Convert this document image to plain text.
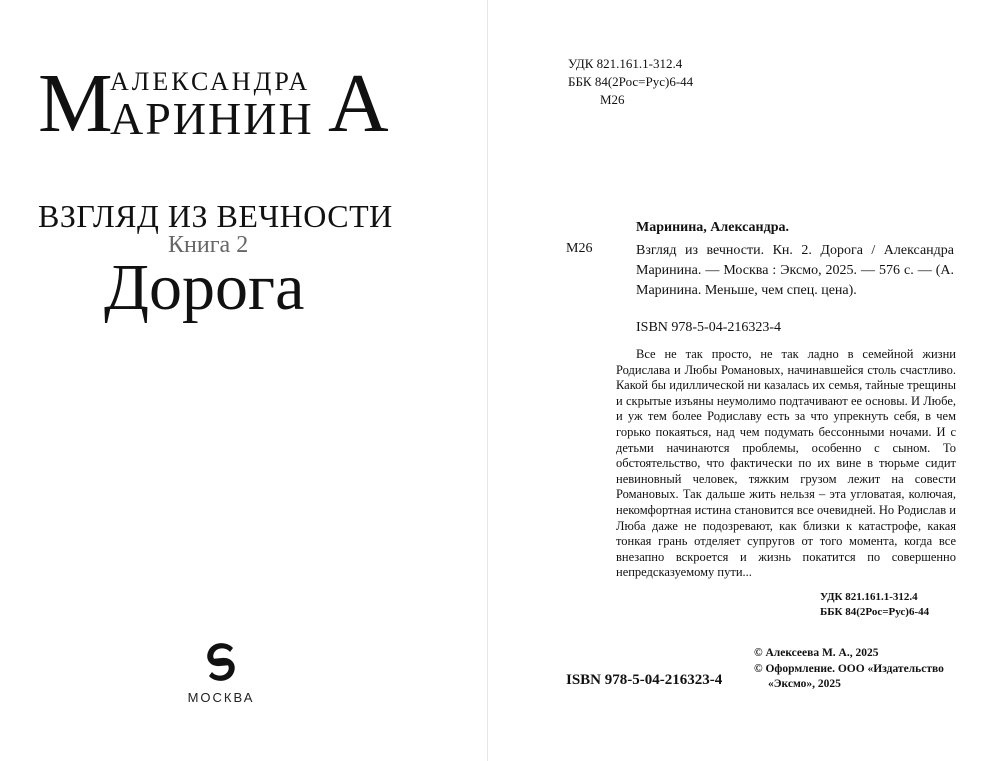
М
АЛЕКСАНДРА
АРИНИН А
ВЗГЛЯД ИЗ ВЕЧНОСТИ
Книга 2
Дорога
МОСКВА
УДК 821.161.1-312.4
ББК 84(2Рос=Рус)6-44
М26
Маринина, Александра.
М26	Взгляд из вечности. Кн. 2. Дорога / Александра Маринина. — Москва : Эксмо, 2025. — 576 с. — (А. Маринина. Меньше, чем спец. цена).
ISBN 978-5-04-216323-4
Все не так просто, не так ладно в семейной жизни Родислава и Любы Романовых, начинавшейся столь счастливо. Какой бы идиллической ни казалась их семья, тайные трещины и скрытые изъяны неумолимо подтачивают ее основы. И Любе, и уж тем более Родиславу есть за что упрекнуть себя, в чем горько покаяться, над чем подумать бессонными ночами. И с детьми начинаются проблемы, особенно с сыном. То обстоятельство, что фактически по их вине в тюрьме сидит невиновный человек, тяжким грузом лежит на совести Романовых. Так дальше жить нельзя – эта угловатая, колючая, некомфортная истина становится все очевидней. Но Родислав и Люба даже не подозревают, как близки к катастрофе, какая тонкая грань отделяет супругов от того момента, когда все внезапно вскроется и жизнь покатится по совершенно непредсказуемому пути...
УДК 821.161.1-312.4
ББК 84(2Рос=Рус)6-44
ISBN 978-5-04-216323-4
© Алексеева М. А., 2025
© Оформление. ООО «Издательство
«Эксмо», 2025
